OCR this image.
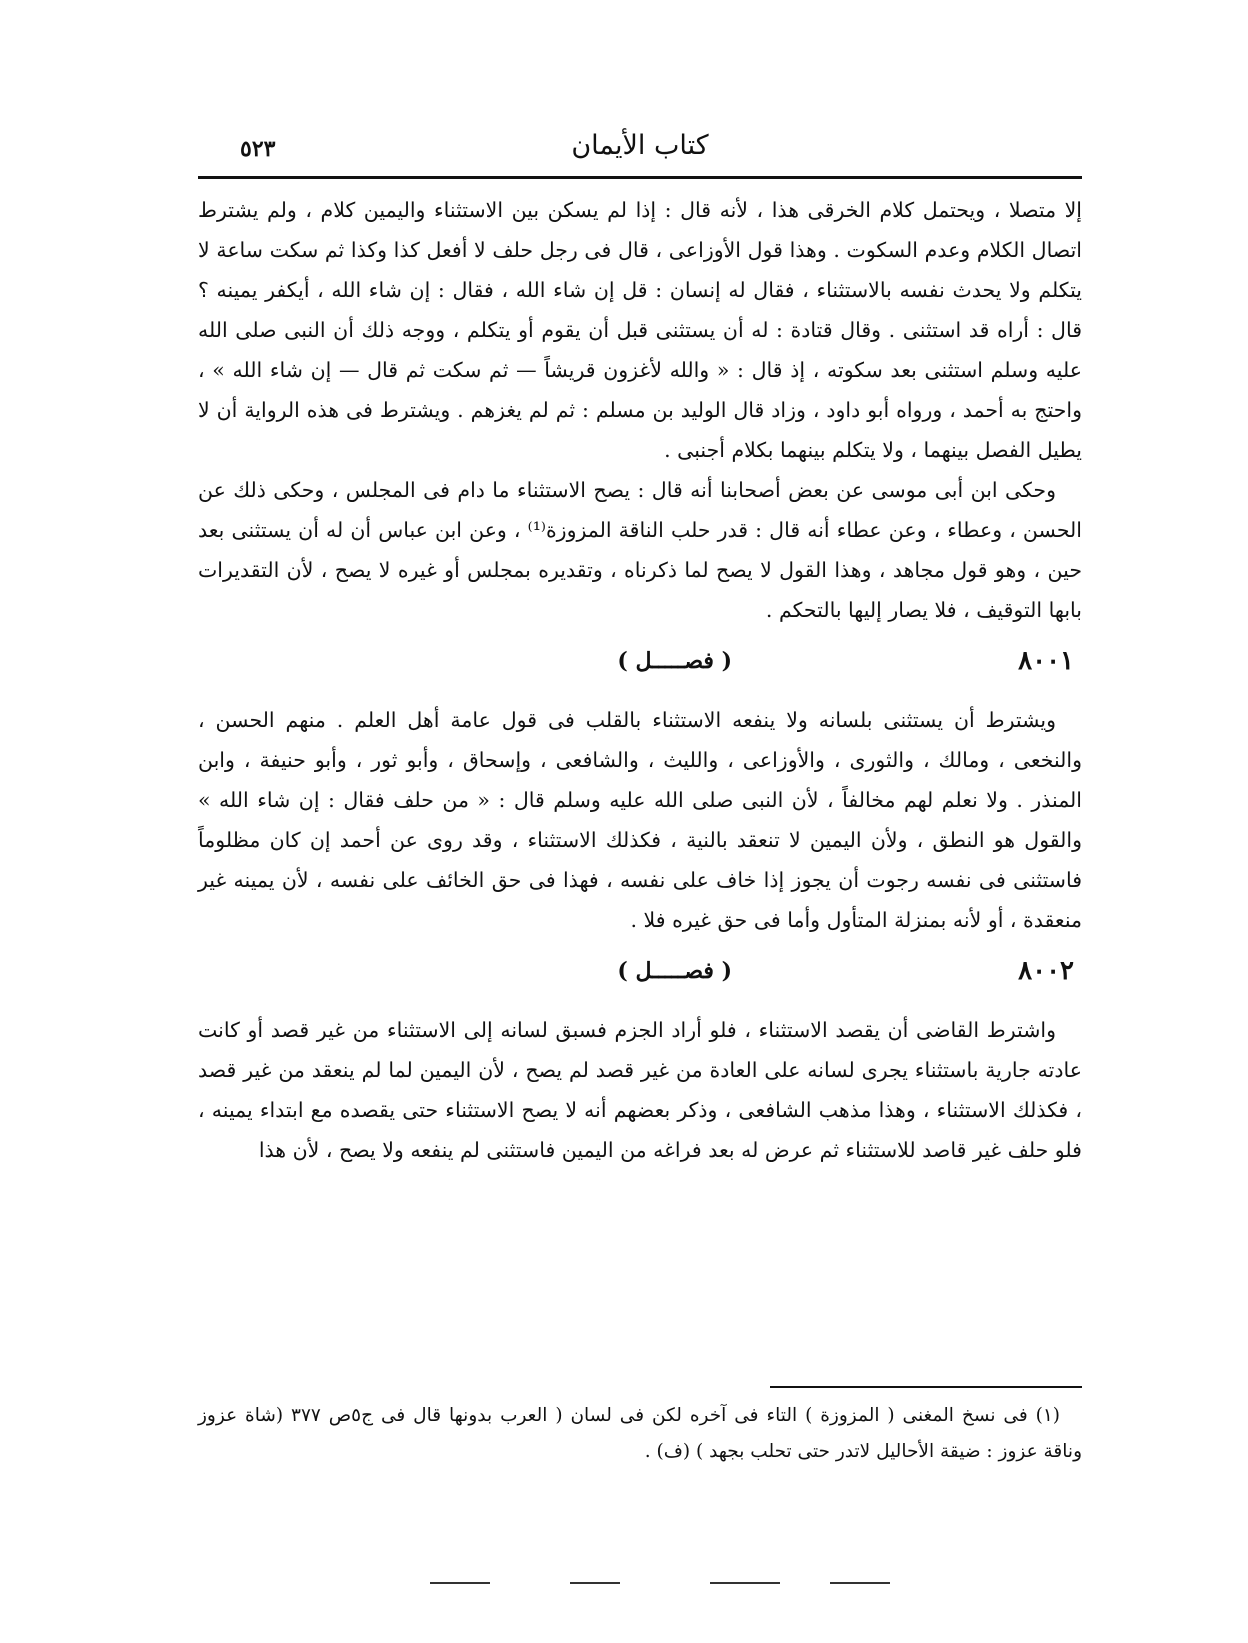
كتاب الأيمان
٥٢٣

إلا متصلا ، ويحتمل كلام الخرقى هذا ، لأنه قال : إذا لم يسكن بين الاستثناء واليمين كلام ، ولم يشترط اتصال الكلام وعدم السكوت . وهذا قول الأوزاعى ، قال فى رجل حلف لا أفعل كذا وكذا ثم سكت ساعة لا يتكلم ولا يحدث نفسه بالاستثناء ، فقال له إنسان : قل إن شاء الله ، فقال : إن شاء الله ، أيكفر يمينه ؟ قال : أراه قد استثنى . وقال قتادة : له أن يستثنى قبل أن يقوم أو يتكلم ، ووجه ذلك أن النبى صلى الله عليه وسلم استثنى بعد سكوته ، إذ قال : « والله لأغزون قريشاً — ثم سكت ثم قال — إن شاء الله » ، واحتج به أحمد ، ورواه أبو داود ، وزاد قال الوليد بن مسلم : ثم لم يغزهم . ويشترط فى هذه الرواية أن لا يطيل الفصل بينهما ، ولا يتكلم بينهما بكلام أجنبى .

وحكى ابن أبى موسى عن بعض أصحابنا أنه قال : يصح الاستثناء ما دام فى المجلس ، وحكى ذلك عن الحسن ، وعطاء ، وعن عطاء أنه قال : قدر حلب الناقة المزوزة⁽¹⁾ ، وعن ابن عباس أن له أن يستثنى بعد حين ، وهو قول مجاهد ، وهذا القول لا يصح لما ذكرناه ، وتقديره بمجلس أو غيره لا يصح ، لأن التقديرات بابها التوقيف ، فلا يصار إليها بالتحكم .

٨٠٠١
( فصـــــل )

ويشترط أن يستثنى بلسانه ولا ينفعه الاستثناء بالقلب فى قول عامة أهل العلم . منهم الحسن ، والنخعى ، ومالك ، والثورى ، والأوزاعى ، والليث ، والشافعى ، وإسحاق ، وأبو ثور ، وأبو حنيفة ، وابن المنذر . ولا نعلم لهم مخالفاً ، لأن النبى صلى الله عليه وسلم قال : « من حلف فقال : إن شاء الله » والقول هو النطق ، ولأن اليمين لا تنعقد بالنية ، فكذلك الاستثناء ، وقد روى عن أحمد إن كان مظلوماً فاستثنى فى نفسه رجوت أن يجوز إذا خاف على نفسه ، فهذا فى حق الخائف على نفسه ، لأن يمينه غير منعقدة ، أو لأنه بمنزلة المتأول وأما فى حق غيره فلا .

٨٠٠٢
( فصـــــل )

واشترط القاضى أن يقصد الاستثناء ، فلو أراد الجزم فسبق لسانه إلى الاستثناء من غير قصد أو كانت عادته جارية باستثناء يجرى لسانه على العادة من غير قصد لم يصح ، لأن اليمين لما لم ينعقد من غير قصد ، فكذلك الاستثناء ، وهذا مذهب الشافعى ، وذكر بعضهم أنه لا يصح الاستثناء حتى يقصده مع ابتداء يمينه ، فلو حلف غير قاصد للاستثناء ثم عرض له بعد فراغه من اليمين فاستثنى لم ينفعه ولا يصح ، لأن هذا

(١) فى نسخ المغنى ( المزوزة ) التاء فى آخره لكن فى لسان ( العرب بدونها قال فى ج٥ص ٣٧٧ (شاة عزوز وناقة عزوز : ضيقة الأحاليل لاتدر حتى تحلب بجهد ) (ف) .
